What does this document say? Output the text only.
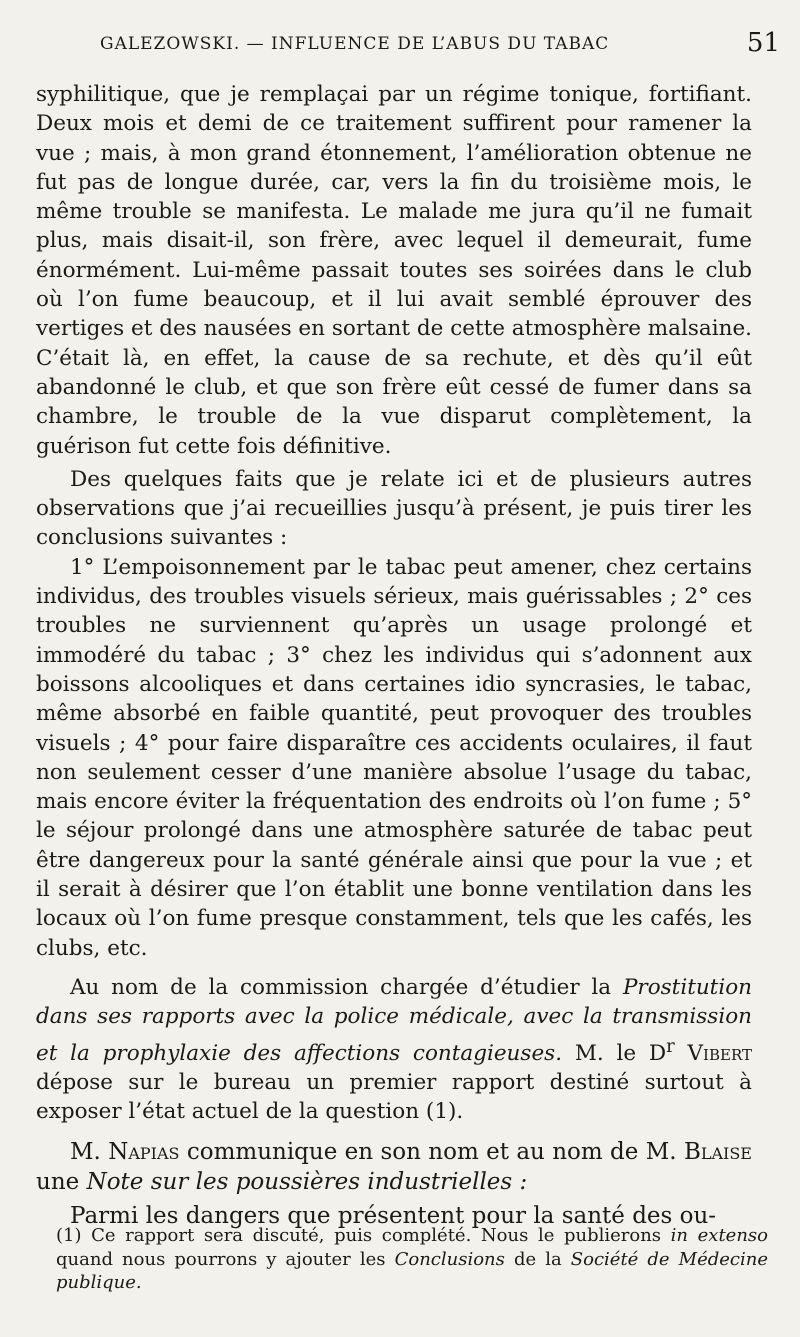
GALEZOWSKI. — INFLUENCE DE L’ABUS DU TABAC	51

syphilitique, que je remplaçai par un régime tonique, fortifiant. Deux mois et demi de ce traitement suffirent pour ramener la vue ; mais, à mon grand étonnement, l’amélioration obtenue ne fut pas de longue durée, car, vers la fin du troisième mois, le même trouble se manifesta. Le malade me jura qu’il ne fumait plus, mais disait-il, son frère, avec lequel il demeurait, fume énormément. Lui-même passait toutes ses soirées dans le club où l’on fume beaucoup, et il lui avait semblé éprouver des vertiges et des nausées en sortant de cette atmosphère malsaine. C’était là, en effet, la cause de sa rechute, et dès qu’il eût abandonné le club, et que son frère eût cessé de fumer dans sa chambre, le trouble de la vue disparut complètement, la guérison fut cette fois définitive.

Des quelques faits que je relate ici et de plusieurs autres observations que j’ai recueillies jusqu’à présent, je puis tirer les conclusions suivantes :

1° L’empoisonnement par le tabac peut amener, chez certains individus, des troubles visuels sérieux, mais guérissables ; 2° ces troubles ne surviennent qu’après un usage prolongé et immodéré du tabac ; 3° chez les individus qui s’adonnent aux boissons alcooliques et dans certaines idio syncrasies, le tabac, même absorbé en faible quantité, peut provoquer des troubles visuels ; 4° pour faire disparaître ces accidents oculaires, il faut non seulement cesser d’une manière absolue l’usage du tabac, mais encore éviter la fréquentation des endroits où l’on fume ; 5° le séjour prolongé dans une atmosphère saturée de tabac peut être dangereux pour la santé générale ainsi que pour la vue ; et il serait à désirer que l’on établit une bonne ventilation dans les locaux où l’on fume presque constamment, tels que les cafés, les clubs, etc.

Au nom de la commission chargée d’étudier la Prostitution dans ses rapports avec la police médicale, avec la transmission et la prophylaxie des affections contagieuses. M. le $D^r$ Vibert dépose sur le bureau un premier rapport destiné surtout à exposer l’état actuel de la question (1).

M. Napias communique en son nom et au nom de M. Blaise une Note sur les poussières industrielles :

Parmi les dangers que présentent pour la santé des ou-

(1) Ce rapport sera discuté, puis complété. Nous le publierons in extenso quand nous pourrons y ajouter les Conclusions de la Société de Médecine publique.
